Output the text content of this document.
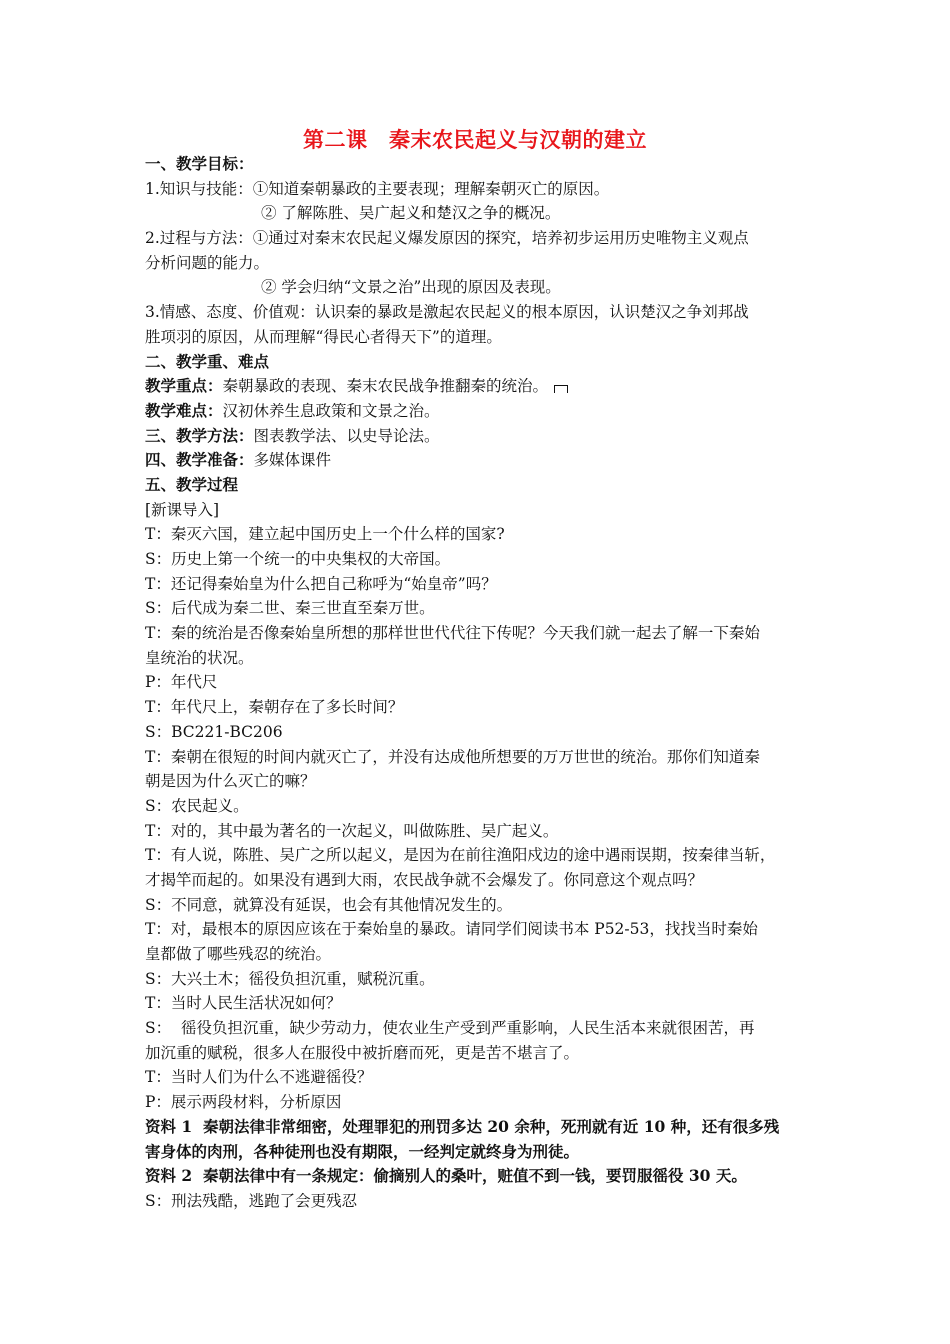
第二课　秦末农民起义与汉朝的建立
一、教学目标：
1.知识与技能：①知道秦朝暴政的主要表现；理解秦朝灭亡的原因。
② 了解陈胜、吴广起义和楚汉之争的概况。
2.过程与方法：①通过对秦末农民起义爆发原因的探究，培养初步运用历史唯物主义观点
分析问题的能力。
② 学会归纳“文景之治”出现的原因及表现。
3.情感、态度、价值观：认识秦的暴政是激起农民起义的根本原因，认识楚汉之争刘邦战
胜项羽的原因，从而理解“得民心者得天下”的道理。
二、教学重、难点
教学重点：秦朝暴政的表现、秦末农民战争推翻秦的统治。
教学难点：汉初休养生息政策和文景之治。
三、教学方法：图表教学法、以史导论法。
四、教学准备：多媒体课件
五、教学过程
[新课导入]
T：秦灭六国，建立起中国历史上一个什么样的国家?
S：历史上第一个统一的中央集权的大帝国。
T：还记得秦始皇为什么把自己称呼为“始皇帝”吗？
S：后代成为秦二世、秦三世直至秦万世。
T：秦的统治是否像秦始皇所想的那样世世代代往下传呢？今天我们就一起去了解一下秦始
皇统治的状况。
P：年代尺
T：年代尺上，秦朝存在了多长时间？
S：BC221-BC206
T：秦朝在很短的时间内就灭亡了，并没有达成他所想要的万万世世的统治。那你们知道秦
朝是因为什么灭亡的嘛？
S：农民起义。
T：对的，其中最为著名的一次起义，叫做陈胜、吴广起义。
T：有人说，陈胜、吴广之所以起义，是因为在前往渔阳戍边的途中遇雨误期，按秦律当斩，
才揭竿而起的。如果没有遇到大雨，农民战争就不会爆发了。你同意这个观点吗？
S：不同意，就算没有延误，也会有其他情况发生的。
T：对，最根本的原因应该在于秦始皇的暴政。请同学们阅读书本 P52-53，找找当时秦始
皇都做了哪些残忍的统治。
S：大兴土木；徭役负担沉重，赋税沉重。
T：当时人民生活状况如何？
S：  徭役负担沉重，缺少劳动力，使农业生产受到严重影响，人民生活本来就很困苦，再
加沉重的赋税，很多人在服役中被折磨而死，更是苦不堪言了。
T：当时人们为什么不逃避徭役？
P：展示两段材料，分析原因
资料 1  秦朝法律非常细密，处理罪犯的刑罚多达 20 余种，死刑就有近 10 种，还有很多残
害身体的肉刑，各种徒刑也没有期限，一经判定就终身为刑徒。
资料 2  秦朝法律中有一条规定：偷摘别人的桑叶，赃值不到一钱，要罚服徭役 30 天。
S：刑法残酷，逃跑了会更残忍
